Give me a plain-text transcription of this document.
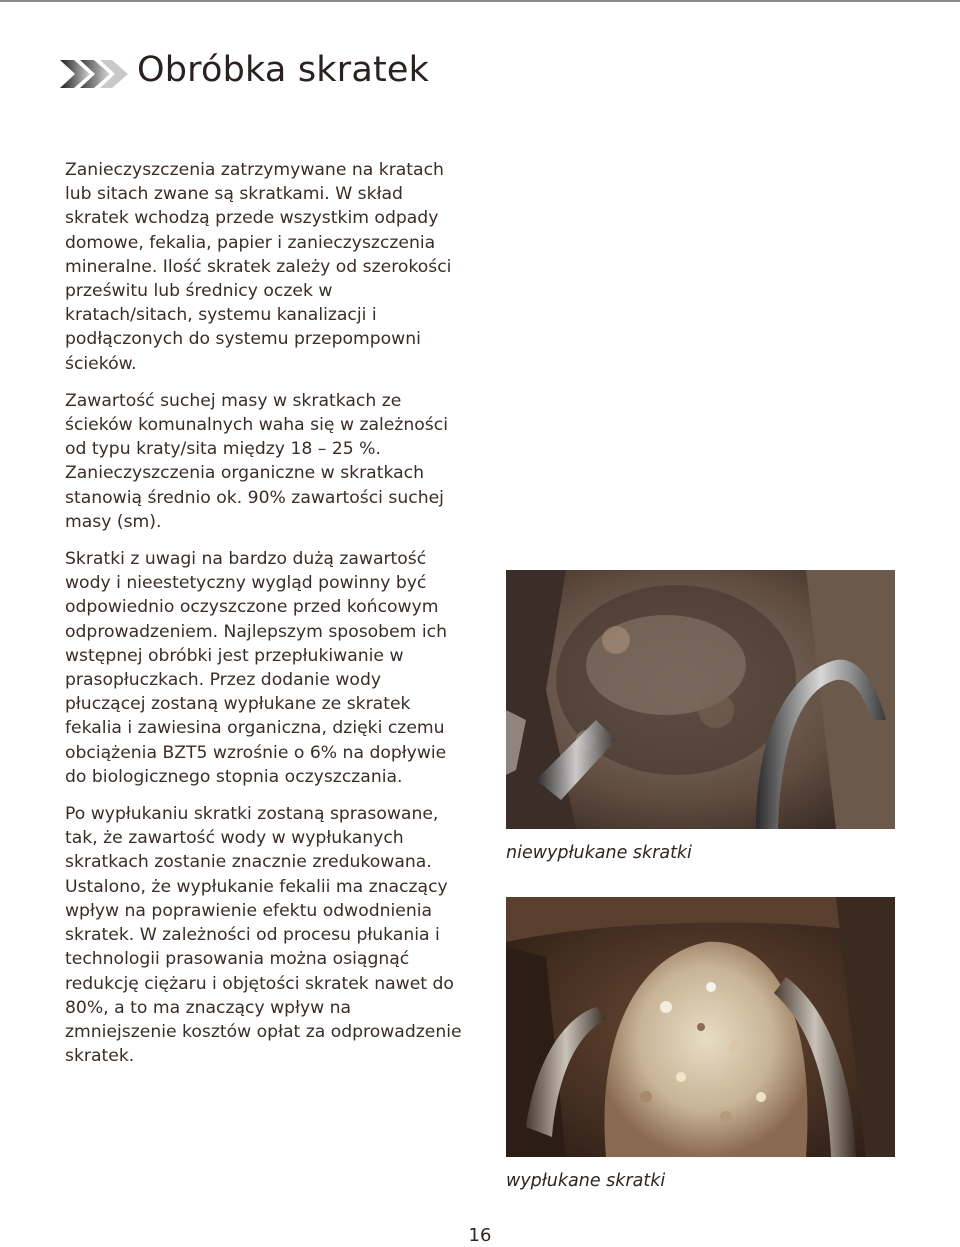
Obróbka skratek

Zanieczyszczenia zatrzymywane na kratach lub sitach zwane są skratkami. W skład skratek wchodzą przede wszystkim odpady domowe, fekalia, papier i zanieczyszczenia mineralne. Ilość skratek zależy od szerokości prześwitu lub średnicy oczek w kratach/sitach, systemu kanalizacji i podłączonych do systemu przepompowni ścieków.

Zawartość suchej masy w skratkach ze ścieków komunalnych waha się w zależności od typu kraty/sita między 18 – 25 %. Zanieczyszczenia organiczne w skratkach stanowią średnio ok. 90% zawartości suchej masy (sm).

Skratki z uwagi na bardzo dużą zawartość wody i nieestetyczny wygląd powinny być odpowiednio oczyszczone przed końcowym odprowadzeniem. Najlepszym sposobem ich wstępnej obróbki jest przepłukiwanie w prasopłuczkach. Przez dodanie wody płuczącej zostaną wypłukane ze skratek fekalia i zawiesina organiczna, dzięki czemu obciążenia BZT5 wzrośnie o 6% na dopływie do biologicznego stopnia oczyszczania.

Po wypłukaniu skratki zostaną sprasowane, tak, że zawartość wody w wypłukanych skratkach zostanie znacznie zredukowana. Ustalono, że wypłukanie fekalii ma znaczący wpływ na poprawienie efektu odwodnienia skratek. W zależności od procesu płukania i technologii prasowania można osiągnąć redukcję ciężaru i objętości skratek nawet do 80%, a to ma znaczący wpływ na zmniejszenie kosztów opłat za odprowadzenie skratek.

niewypłukane skratki
wypłukane skratki
16
